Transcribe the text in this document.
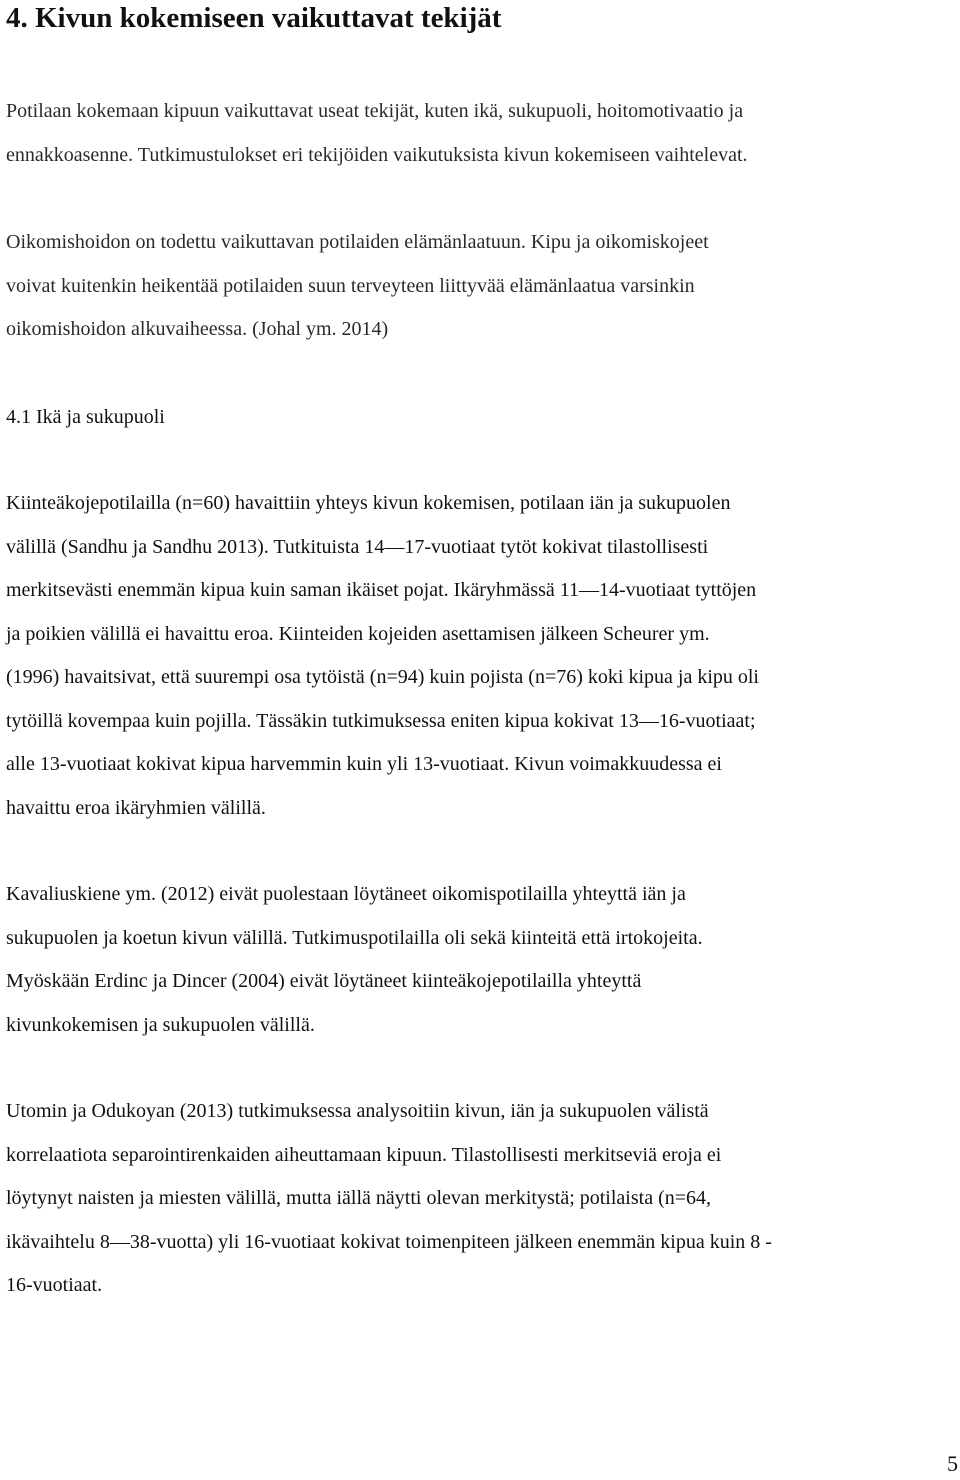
4. Kivun kokemiseen vaikuttavat tekijät

Potilaan kokemaan kipuun vaikuttavat useat tekijät, kuten ikä, sukupuoli, hoitomotivaatio ja
ennakkoasenne. Tutkimustulokset eri tekijöiden vaikutuksista kivun kokemiseen vaihtelevat.

Oikomishoidon on todettu vaikuttavan potilaiden elämänlaatuun. Kipu ja oikomiskojeet
voivat kuitenkin heikentää potilaiden suun terveyteen liittyvää elämänlaatua varsinkin
oikomishoidon alkuvaiheessa. (Johal ym. 2014)

4.1 Ikä ja sukupuoli

Kiinteäkojepotilailla (n=60) havaittiin yhteys kivun kokemisen, potilaan iän ja sukupuolen
välillä (Sandhu ja Sandhu 2013). Tutkituista 14―17-vuotiaat tytöt kokivat tilastollisesti
merkitsevästi enemmän kipua kuin saman ikäiset pojat. Ikäryhmässä 11―14-vuotiaat tyttöjen
ja poikien välillä ei havaittu eroa. Kiinteiden kojeiden asettamisen jälkeen Scheurer ym.
(1996) havaitsivat, että suurempi osa tytöistä (n=94) kuin pojista (n=76) koki kipua ja kipu oli
tytöillä kovempaa kuin pojilla. Tässäkin tutkimuksessa eniten kipua kokivat 13―16-vuotiaat;
alle 13-vuotiaat kokivat kipua harvemmin kuin yli 13-vuotiaat. Kivun voimakkuudessa ei
havaittu eroa ikäryhmien välillä.

Kavaliuskiene ym. (2012) eivät puolestaan löytäneet oikomispotilailla yhteyttä iän ja
sukupuolen ja koetun kivun välillä. Tutkimuspotilailla oli sekä kiinteitä että irtokojeita.
Myöskään Erdinc ja Dincer (2004) eivät löytäneet kiinteäkojepotilailla yhteyttä
kivunkokemisen ja sukupuolen välillä.

Utomin ja Odukoyan (2013) tutkimuksessa analysoitiin kivun, iän ja sukupuolen välistä
korrelaatiota separointirenkaiden aiheuttamaan kipuun. Tilastollisesti merkitseviä eroja ei
löytynyt naisten ja miesten välillä, mutta iällä näytti olevan merkitystä; potilaista (n=64,
ikävaihtelu 8―38-vuotta) yli 16-vuotiaat kokivat toimenpiteen jälkeen enemmän kipua kuin 8 -
16-vuotiaat.

5
